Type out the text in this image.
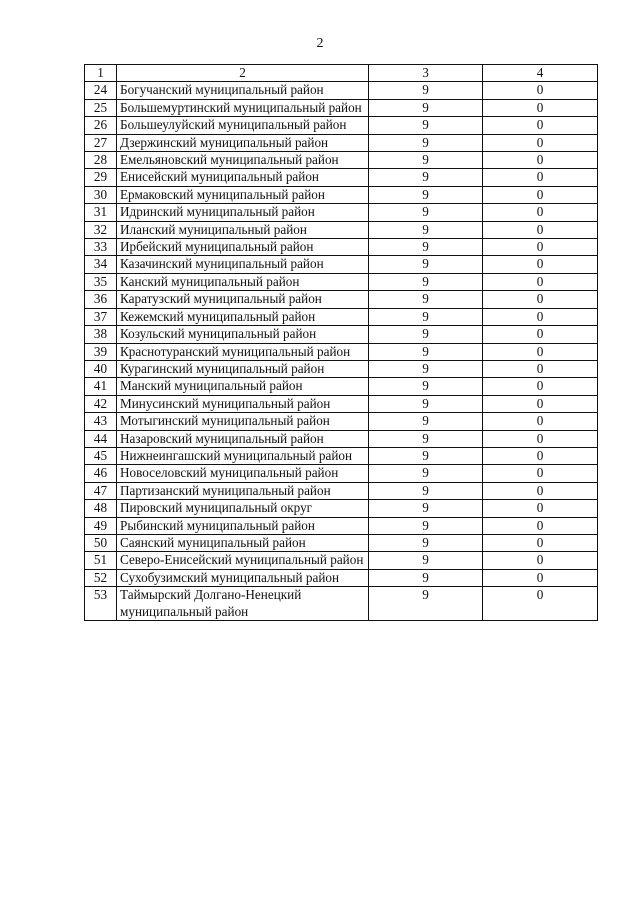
2
1	2	3	4
24	Богучанский муниципальный район	9	0
25	Большемуртинский муниципальный район	9	0
26	Большеулуйский муниципальный район	9	0
27	Дзержинский муниципальный район	9	0
28	Емельяновский муниципальный район	9	0
29	Енисейский муниципальный район	9	0
30	Ермаковский муниципальный район	9	0
31	Идринский муниципальный район	9	0
32	Иланский муниципальный район	9	0
33	Ирбейский муниципальный район	9	0
34	Казачинский муниципальный район	9	0
35	Канский муниципальный район	9	0
36	Каратузский муниципальный район	9	0
37	Кежемский муниципальный район	9	0
38	Козульский муниципальный район	9	0
39	Краснотуранский муниципальный район	9	0
40	Курагинский муниципальный район	9	0
41	Манский муниципальный район	9	0
42	Минусинский муниципальный район	9	0
43	Мотыгинский муниципальный район	9	0
44	Назаровский муниципальный район	9	0
45	Нижнеингашский муниципальный район	9	0
46	Новоселовский муниципальный район	9	0
47	Партизанский муниципальный район	9	0
48	Пировский муниципальный округ	9	0
49	Рыбинский муниципальный район	9	0
50	Саянский муниципальный район	9	0
51	Северо-Енисейский муниципальный район	9	0
52	Сухобузимский муниципальный район	9	0
53	Таймырский Долгано-Ненецкий муниципальный район	9	0
